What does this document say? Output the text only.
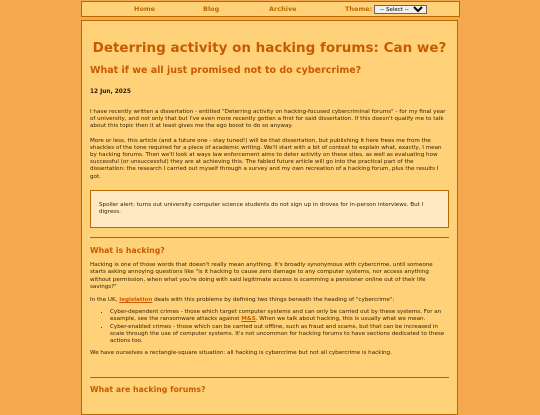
Home	Blog	Archive	Theme:
-- Select --
Deterring activity on hacking forums: Can we?
What if we all just promised not to do cybercrime?
12 Jun, 2025

I have recently written a dissertation - entitled "Deterring activity on hacking-focused cybercriminal forums" - for my final year of university, and not only that but I've even more recently gotten a first for said dissertation. If this doesn't qualify me to talk about this topic then it at least gives me the ego boost to do so anyway.

More or less, this article (and a future one - stay tuned!) will be that dissertation, but publishing it here frees me from the shackles of the tone required for a piece of academic writing. We'll start with a bit of context to explain what, exactly, I mean by hacking forums. Then we'll look at ways law enforcement aims to deter activity on these sites, as well as evaluating how successful (or unsuccessful) they are at achieving this. The fabled future article will go into the practical part of the dissertation: the research I carried out myself through a survey and my own recreation of a hacking forum, plus the results I got.

Spoiler alert: turns out university computer science students do not sign up in droves for in-person interviews. But I digress.
What is hacking?

Hacking is one of those words that doesn't really mean anything. It's broadly synonymous with cybercrime, until someone starts asking annoying questions like "is it hacking to cause zero damage to any computer systems, nor access anything without permission, when what you're doing with said legitimate access is scamming a pensioner online out of their life savings?"

In the UK, legislation deals with this problems by defining two things beneath the heading of "cybercrime":

• Cyber-dependent crimes - those which target computer systems and can only be carried out by these systems. For an example, see the ransomware attacks against M&S. When we talk about hacking, this is usually what we mean.
• Cyber-enabled crimes - those which can be carried out offline, such as fraud and scams, but that can be increased in scale through the use of computer systems. It's not uncommon for hacking forums to have sections dedicated to these actions too.

We have ourselves a rectangle-square situation: all hacking is cybercrime but not all cybercrime is hacking.

What are hacking forums?
